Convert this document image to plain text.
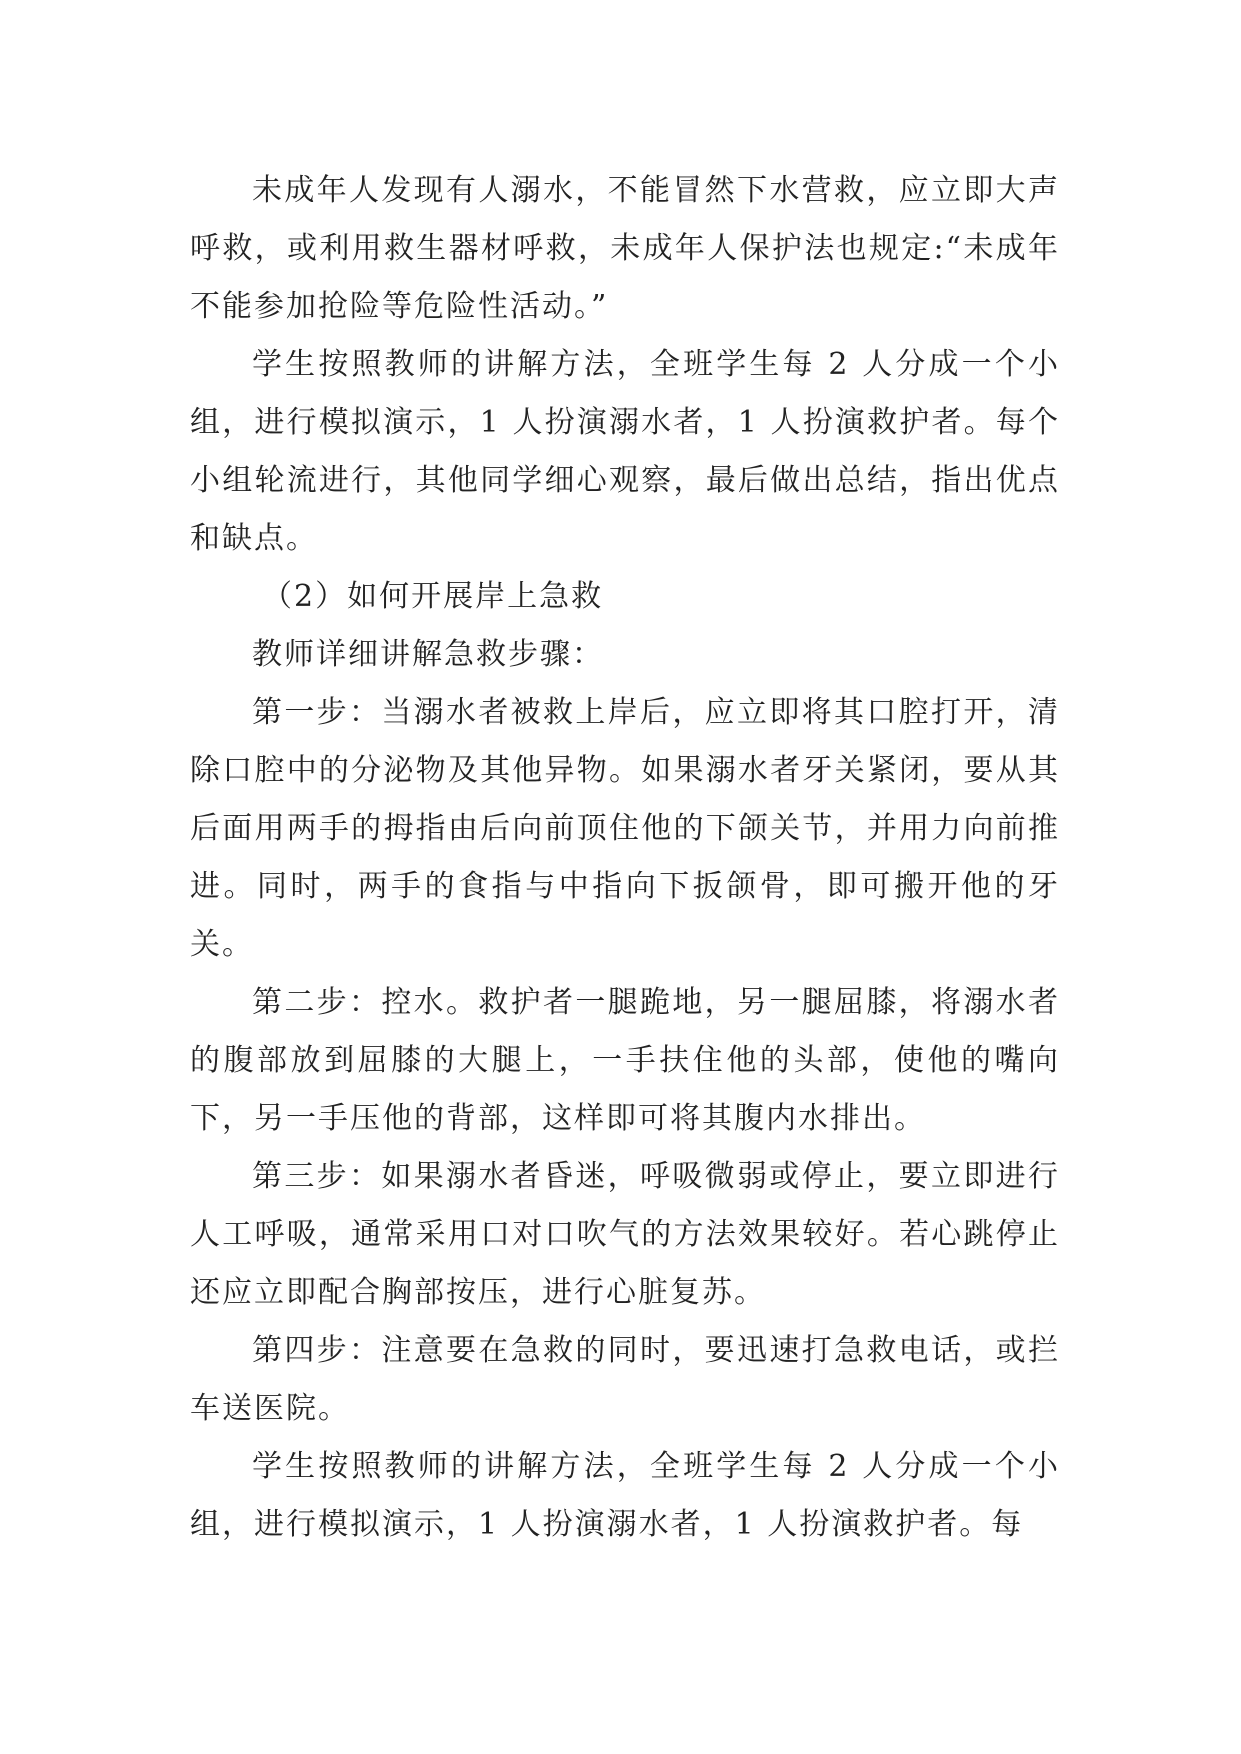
未成年人发现有人溺水，不能冒然下水营救，应立即大声呼救，或利用救生器材呼救，未成年人保护法也规定:“未成年不能参加抢险等危险性活动。”

学生按照教师的讲解方法，全班学生每 2 人分成一个小组，进行模拟演示，1 人扮演溺水者，1 人扮演救护者。每个小组轮流进行，其他同学细心观察，最后做出总结，指出优点和缺点。

（2）如何开展岸上急救

教师详细讲解急救步骤：

第一步：当溺水者被救上岸后，应立即将其口腔打开，清除口腔中的分泌物及其他异物。如果溺水者牙关紧闭，要从其后面用两手的拇指由后向前顶住他的下颌关节，并用力向前推进。同时，两手的食指与中指向下扳颌骨，即可搬开他的牙关。

第二步：控水。救护者一腿跪地，另一腿屈膝，将溺水者的腹部放到屈膝的大腿上，一手扶住他的头部，使他的嘴向下，另一手压他的背部，这样即可将其腹内水排出。

第三步：如果溺水者昏迷，呼吸微弱或停止，要立即进行人工呼吸，通常采用口对口吹气的方法效果较好。若心跳停止还应立即配合胸部按压，进行心脏复苏。

第四步：注意要在急救的同时，要迅速打急救电话，或拦车送医院。

学生按照教师的讲解方法，全班学生每 2 人分成一个小组，进行模拟演示，1 人扮演溺水者，1 人扮演救护者。每
